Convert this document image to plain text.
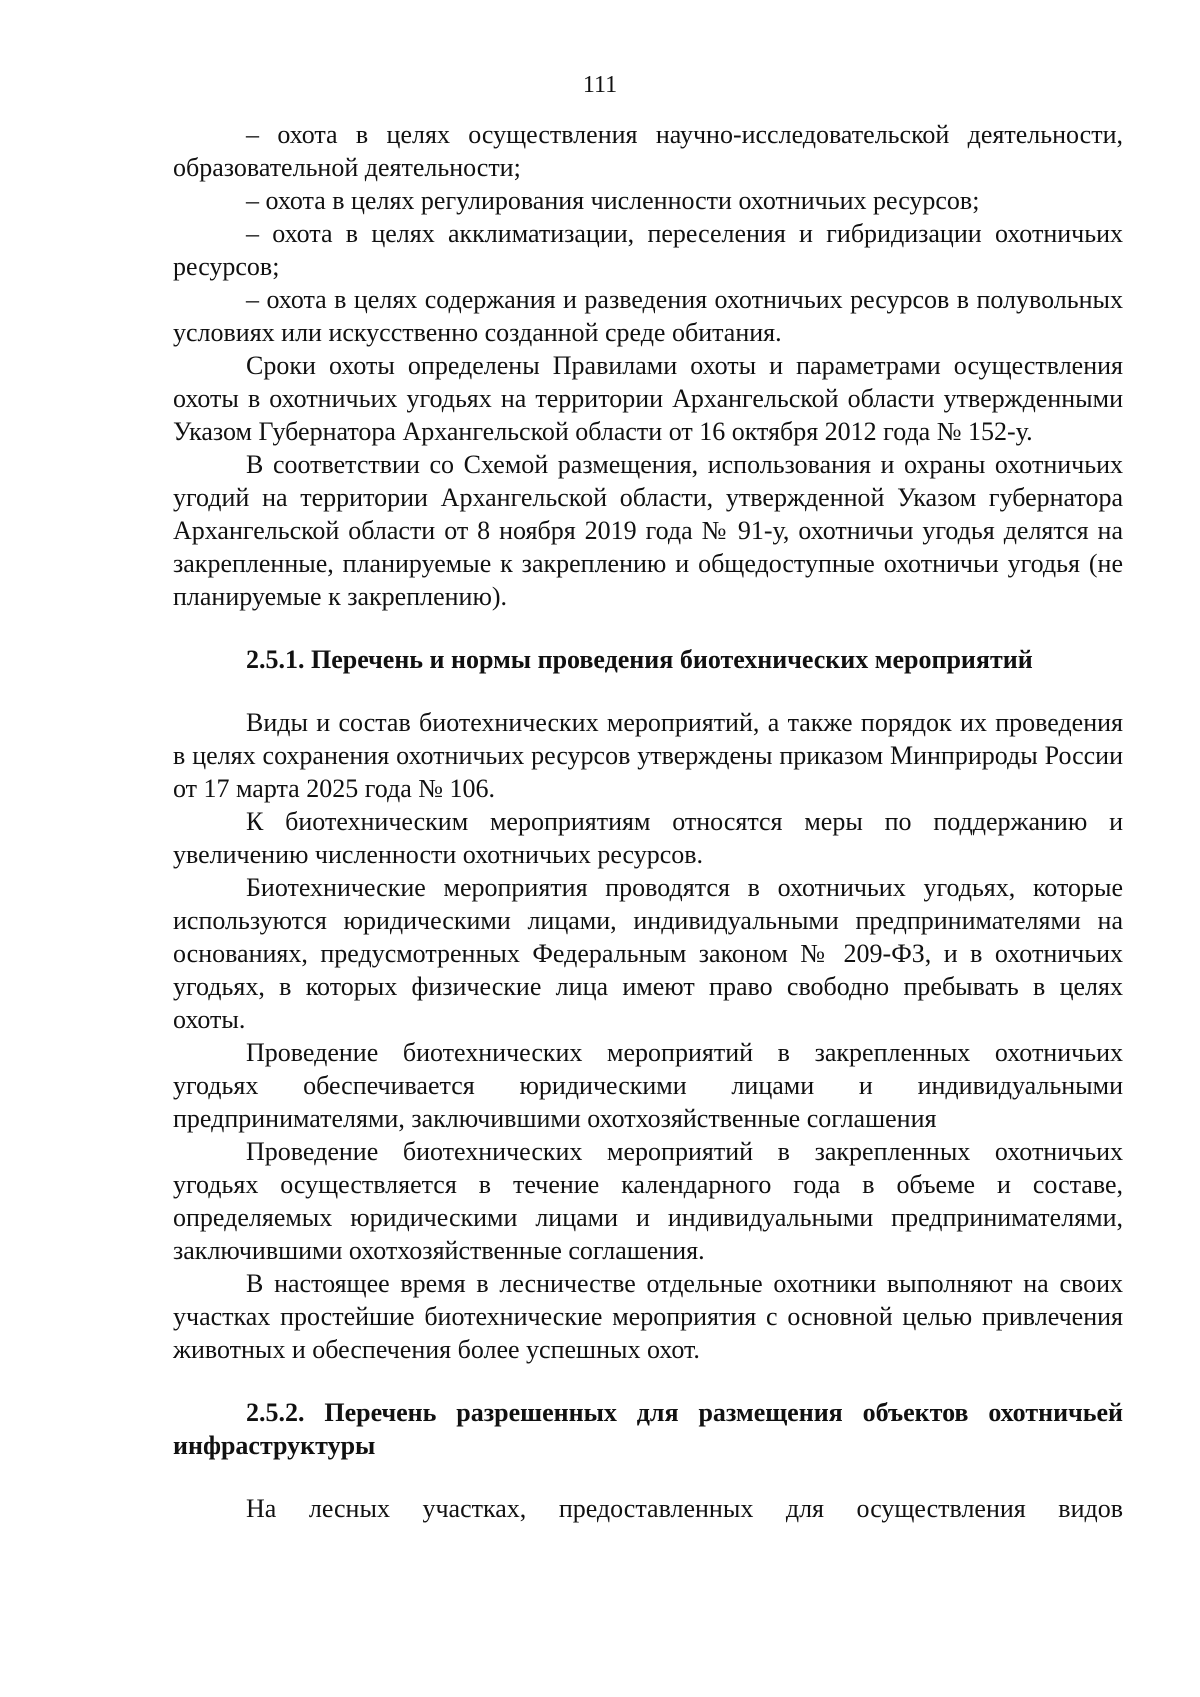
111

– охота в целях осуществления научно-исследовательской деятельности, образовательной деятельности;

– охота в целях регулирования численности охотничьих ресурсов;

– охота в целях акклиматизации, переселения и гибридизации охотничьих ресурсов;

– охота в целях содержания и разведения охотничьих ресурсов в полувольных условиях или искусственно созданной среде обитания.

Сроки охоты определены Правилами охоты и параметрами осуществления охоты в охотничьих угодьях на территории Архангельской области утвержденными Указом Губернатора Архангельской области от 16 октября 2012 года № 152-у.

В соответствии со Схемой размещения, использования и охраны охотничьих угодий на территории Архангельской области, утвержденной Указом губернатора Архангельской области от 8 ноября 2019 года № 91-у, охотничьи угодья делятся на закрепленные, планируемые к закреплению и общедоступные охотничьи угодья (не планируемые к закреплению).

2.5.1. Перечень и нормы проведения биотехнических мероприятий

Виды и состав биотехнических мероприятий, а также порядок их проведения в целях сохранения охотничьих ресурсов утверждены приказом Минприроды России от 17 марта 2025 года № 106.

К биотехническим мероприятиям относятся меры по поддержанию и увеличению численности охотничьих ресурсов.

Биотехнические мероприятия проводятся в охотничьих угодьях, которые используются юридическими лицами, индивидуальными предпринимателями на основаниях, предусмотренных Федеральным законом № 209-ФЗ, и в охотничьих угодьях, в которых физические лица имеют право свободно пребывать в целях охоты.

Проведение биотехнических мероприятий в закрепленных охотничьих угодьях обеспечивается юридическими лицами и индивидуальными предпринимателями, заключившими охотхозяйственные соглашения

Проведение биотехнических мероприятий в закрепленных охотничьих угодьях осуществляется в течение календарного года в объеме и составе, определяемых юридическими лицами и индивидуальными предпринимателями, заключившими охотхозяйственные соглашения.

В настоящее время в лесничестве отдельные охотники выполняют на своих участках простейшие биотехнические мероприятия с основной целью привлечения животных и обеспечения более успешных охот.

2.5.2. Перечень разрешенных для размещения объектов охотничьей инфраструктуры

На лесных участках, предоставленных для осуществления видов
